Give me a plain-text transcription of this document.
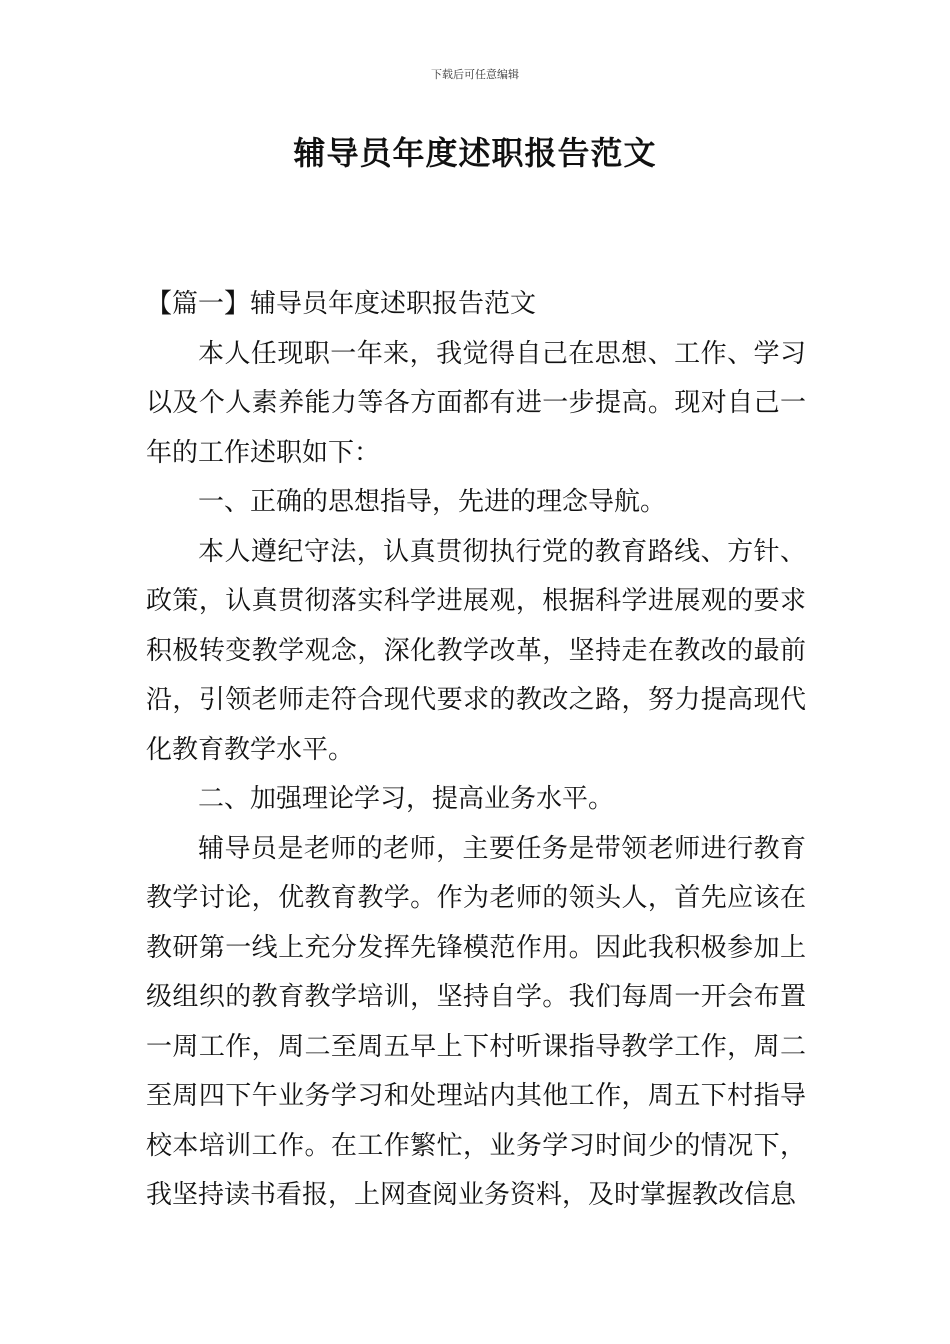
下载后可任意编辑
辅导员年度述职报告范文

【篇一】辅导员年度述职报告范文

本人任现职一年来，我觉得自己在思想、工作、学习以及个人素养能力等各方面都有进一步提高。现对自己一年的工作述职如下：

一、正确的思想指导，先进的理念导航。

本人遵纪守法，认真贯彻执行党的教育路线、方针、政策，认真贯彻落实科学进展观，根据科学进展观的要求积极转变教学观念，深化教学改革，坚持走在教改的最前沿，引领老师走符合现代要求的教改之路，努力提高现代化教育教学水平。

二、加强理论学习，提高业务水平。

辅导员是老师的老师，主要任务是带领老师进行教育教学讨论，优教育教学。作为老师的领头人，首先应该在教研第一线上充分发挥先锋模范作用。因此我积极参加上级组织的教育教学培训，坚持自学。我们每周一开会布置一周工作，周二至周五早上下村听课指导教学工作，周二至周四下午业务学习和处理站内其他工作，周五下村指导校本培训工作。在工作繁忙，业务学习时间少的情况下，我坚持读书看报，上网查阅业务资料，及时掌握教改信息
